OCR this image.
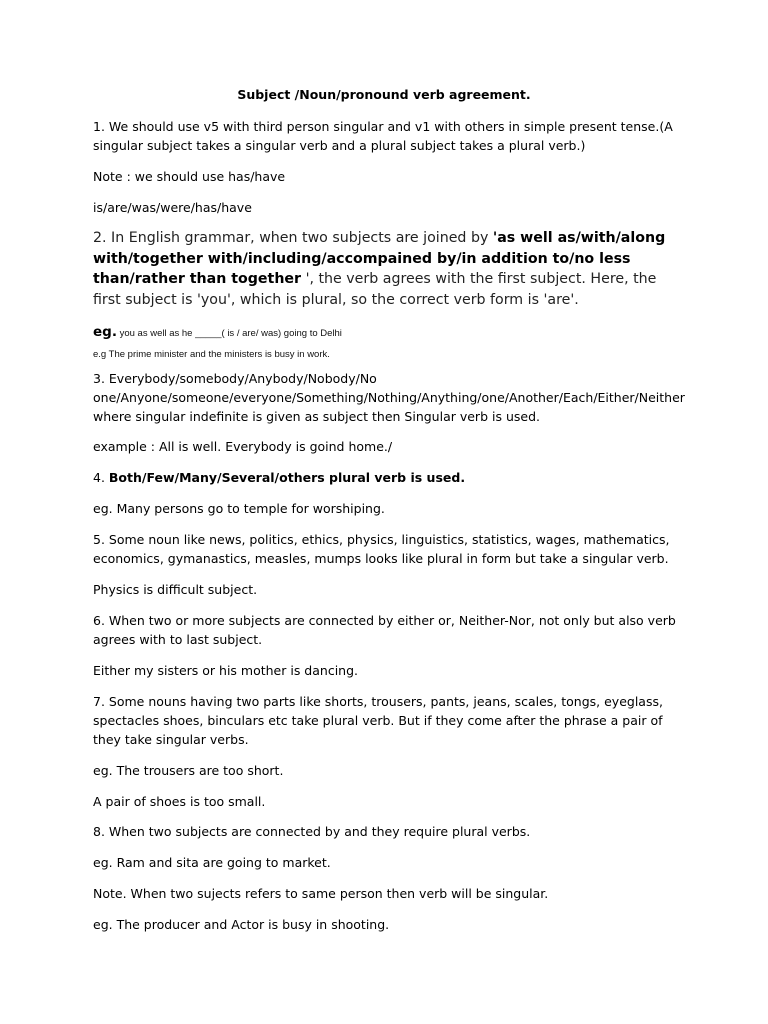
Subject /Noun/pronound verb agreement.

1. We should use v5 with third person singular and v1 with others in simple present tense.(A singular subject takes a singular verb and a plural subject takes a plural verb.)

Note : we should use has/have

is/are/was/were/has/have

2. In English grammar, when two subjects are joined by 'as well as/with/along with/together with/including/accompained by/in addition to/no less than/rather than together ', the verb agrees with the first subject. Here, the first subject is 'you', which is plural, so the correct verb form is 'are'.

eg. you as well as he _____( is / are/ was) going to Delhi

e.g The prime minister and the ministers is busy in work.

3. Everybody/somebody/Anybody/Nobody/No one/Anyone/someone/everyone/Something/Nothing/Anything/one/Another/Each/Either/Neither where singular indefinite is given as subject then Singular verb is used.

example : All is well. Everybody is goind home./

4. Both/Few/Many/Several/others plural verb is used.

eg. Many persons go to temple for worshiping.

5. Some noun like news, politics, ethics, physics, linguistics, statistics, wages, mathematics, economics, gymanastics, measles, mumps looks like plural in form but take a singular verb.

Physics is difficult subject.

6. When two or more subjects are connected by either or, Neither-Nor, not only but also verb agrees with to last subject.

Either my sisters or his mother is dancing.

7. Some nouns having two parts like shorts, trousers, pants, jeans, scales, tongs, eyeglass, spectacles shoes, binculars etc take plural verb. But if they come after the phrase a pair of they take singular verbs.

eg. The trousers are too short.

A pair of shoes is too small.

8. When two subjects are connected by and they require plural verbs.

eg. Ram and sita are going to market.

Note. When two sujects refers to same person then verb will be singular.

eg. The producer and Actor is busy in shooting.
